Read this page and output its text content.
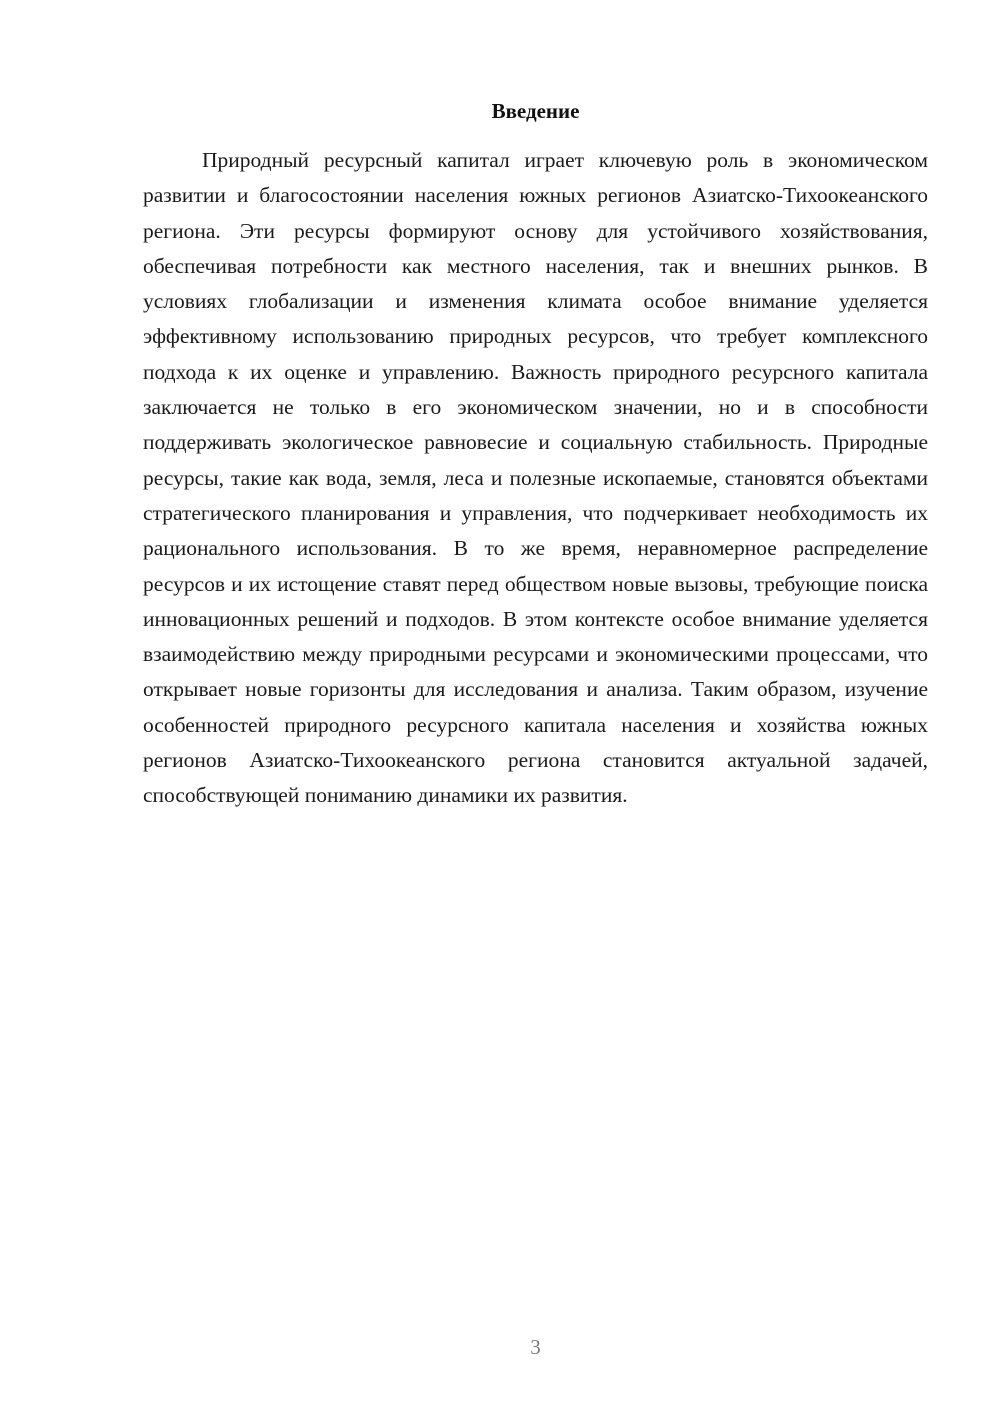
Введение

Природный ресурсный капитал играет ключевую роль в экономическом развитии и благосостоянии населения южных регионов Азиатско-Тихоокеанского региона. Эти ресурсы формируют основу для устойчивого хозяйствования, обеспечивая потребности как местного населения, так и внешних рынков. В условиях глобализации и изменения климата особое внимание уделяется эффективному использованию природных ресурсов, что требует комплексного подхода к их оценке и управлению. Важность природного ресурсного капитала заключается не только в его экономическом значении, но и в способности поддерживать экологическое равновесие и социальную стабильность. Природные ресурсы, такие как вода, земля, леса и полезные ископаемые, становятся объектами стратегического планирования и управления, что подчеркивает необходимость их рационального использования. В то же время, неравномерное распределение ресурсов и их истощение ставят перед обществом новые вызовы, требующие поиска инновационных решений и подходов. В этом контексте особое внимание уделяется взаимодействию между природными ресурсами и экономическими процессами, что открывает новые горизонты для исследования и анализа. Таким образом, изучение особенностей природного ресурсного капитала населения и хозяйства южных регионов Азиатско-Тихоокеанского региона становится актуальной задачей, способствующей пониманию динамики их развития.

3
